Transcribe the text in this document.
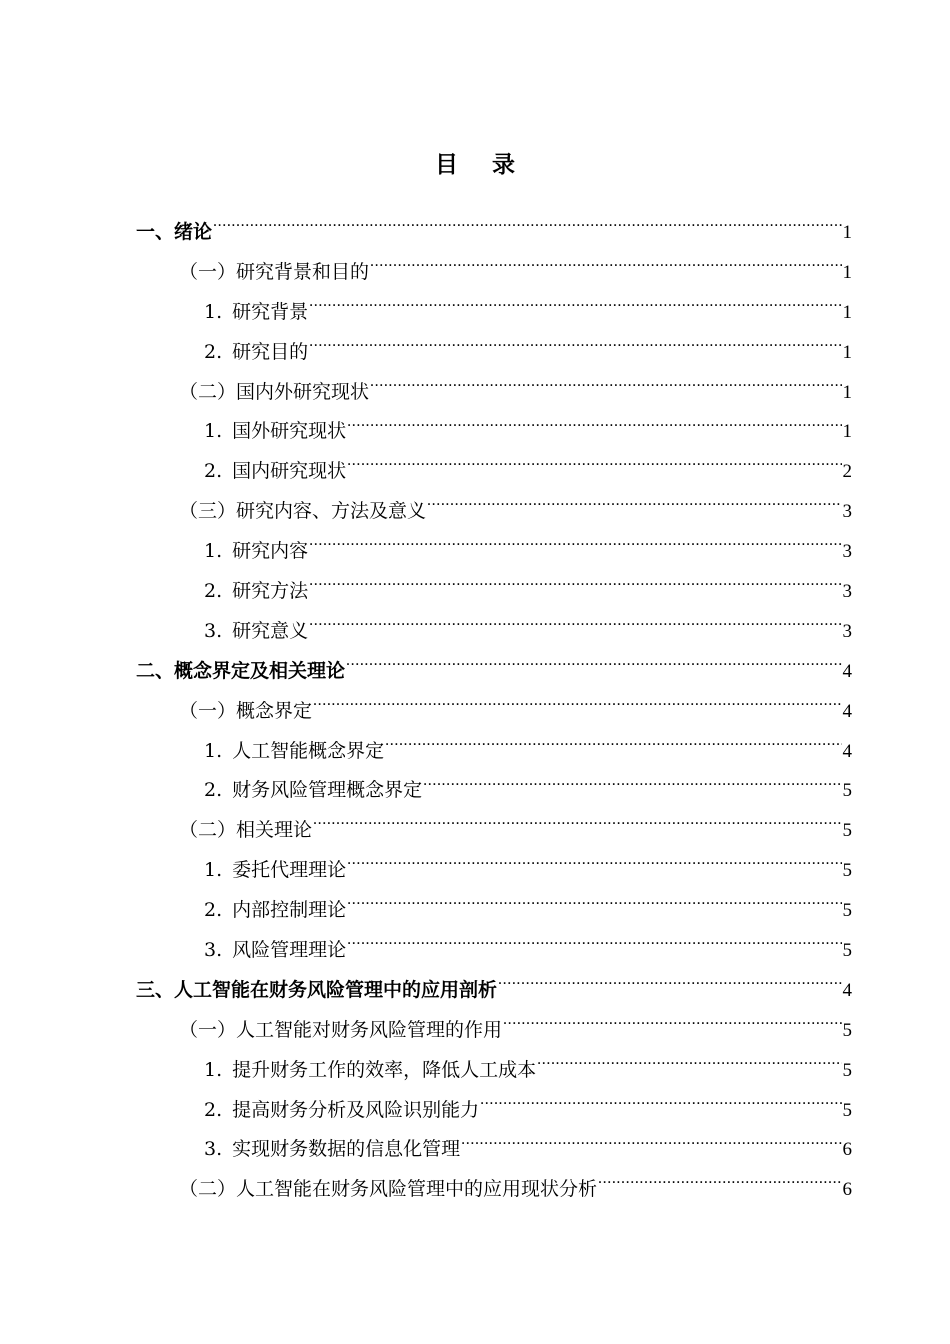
目 录
一、绪论 .....	1
（一）研究背景和目的 .....	1
1. 研究背景 .....	1
2. 研究目的 .....	1
（二）国内外研究现状 .....	1
1. 国外研究现状 .....	1
2. 国内研究现状 .....	2
（三）研究内容、方法及意义 .....	3
1. 研究内容 .....	3
2. 研究方法 .....	3
3. 研究意义 .....	3
二、概念界定及相关理论 .....	4
（一）概念界定 .....	4
1. 人工智能概念界定 .....	4
2. 财务风险管理概念界定 .....	5
（二）相关理论 .....	5
1. 委托代理理论 .....	5
2. 内部控制理论 .....	5
3. 风险管理理论 .....	5
三、人工智能在财务风险管理中的应用剖析 .....	4
（一）人工智能对财务风险管理的作用 .....	5
1. 提升财务工作的效率，降低人工成本 .....	5
2. 提高财务分析及风险识别能力 .....	5
3. 实现财务数据的信息化管理 .....	6
（二）人工智能在财务风险管理中的应用现状分析 .....	6
